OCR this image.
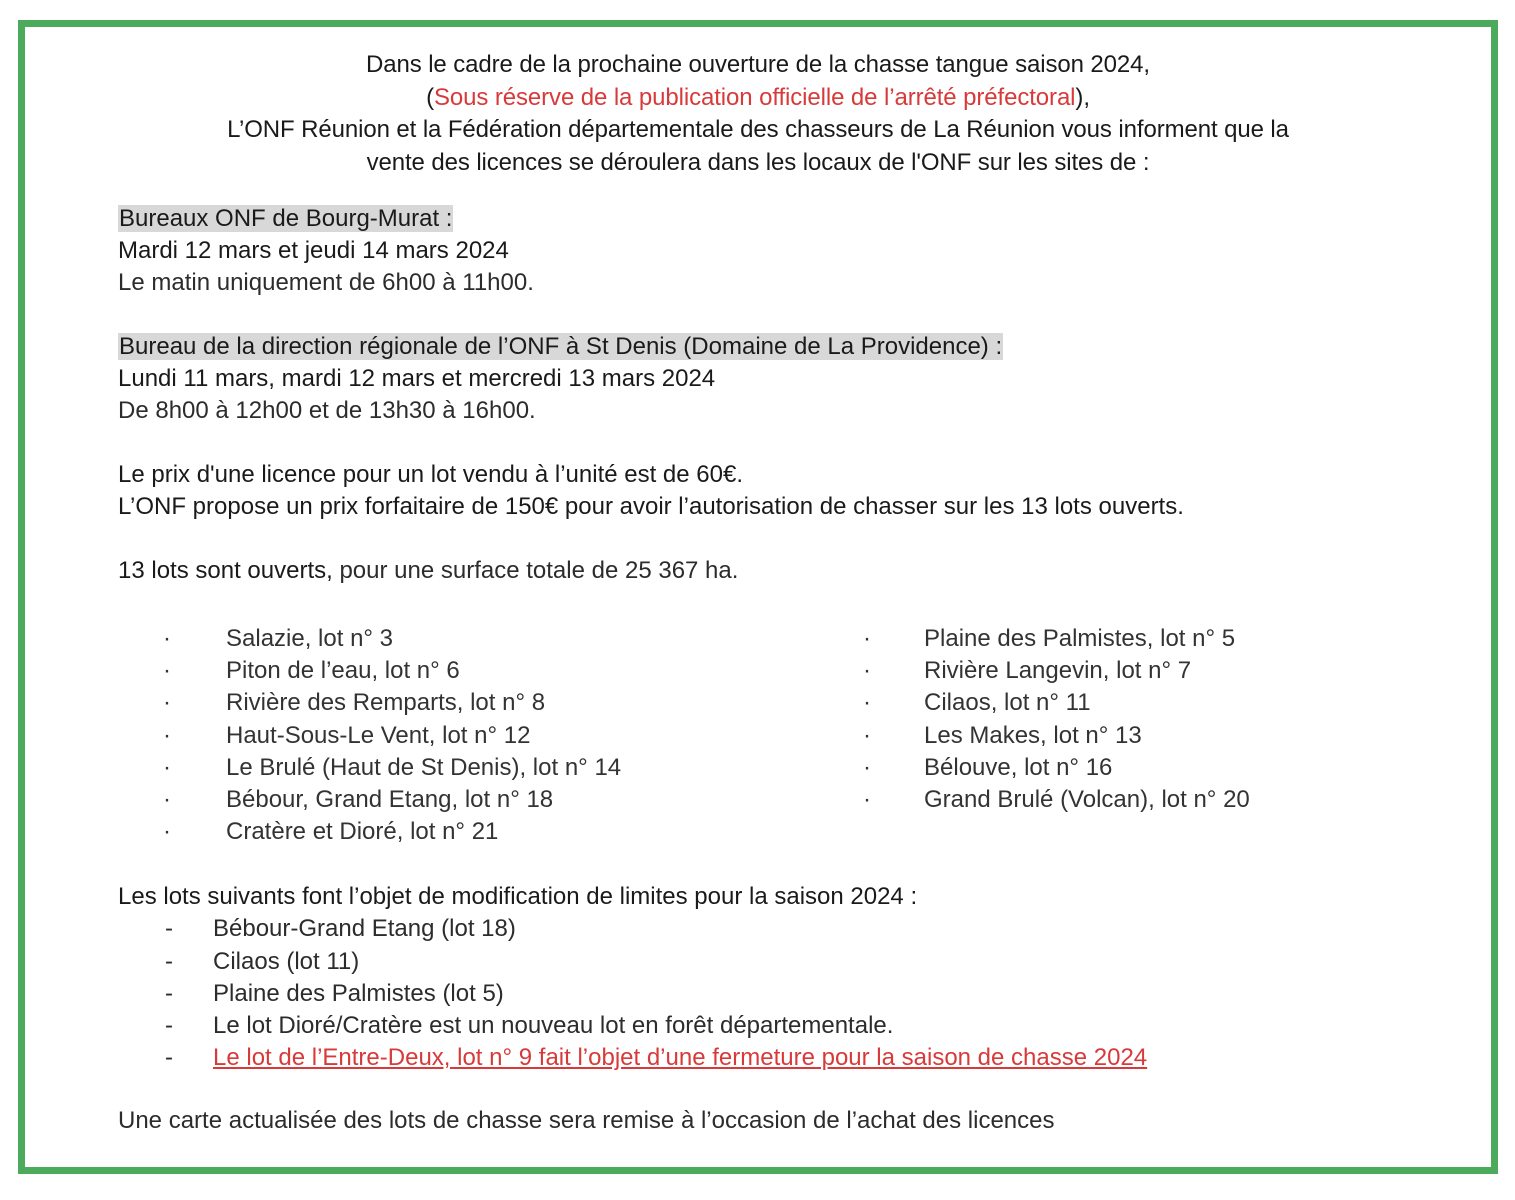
Dans le cadre de la prochaine ouverture de la chasse tangue saison 2024,
(Sous réserve de la publication officielle de l’arrêté préfectoral),
L’ONF Réunion et la Fédération départementale des chasseurs de La Réunion vous informent que la
vente des licences se déroulera dans les locaux de l'ONF sur les sites de :
Bureaux ONF de Bourg-Murat :
Mardi 12 mars et jeudi 14 mars 2024
Le matin uniquement de 6h00 à 11h00.
Bureau de la direction régionale de l’ONF à St Denis (Domaine de La Providence) :
Lundi 11 mars, mardi 12 mars et mercredi 13 mars 2024
De 8h00 à 12h00 et de 13h30 à 16h00.
Le prix d'une licence pour un lot vendu à l’unité est de 60€.
L’ONF propose un prix forfaitaire de 150€ pour avoir l’autorisation de chasser sur les 13 lots ouverts.
13 lots sont ouverts, pour une surface totale de 25 367 ha.
· Salazie, lot n° 3
· Piton de l’eau, lot n° 6
· Rivière des Remparts, lot n° 8
· Haut-Sous-Le Vent, lot n° 12
· Le Brulé (Haut de St Denis), lot n° 14
· Bébour, Grand Etang, lot n° 18
· Cratère et Dioré, lot n° 21
· Plaine des Palmistes, lot n° 5
· Rivière Langevin, lot n° 7
· Cilaos, lot n° 11
· Les Makes, lot n° 13
· Bélouve, lot n° 16
· Grand Brulé (Volcan), lot n° 20
Les lots suivants font l’objet de modification de limites pour la saison 2024 :
- Bébour-Grand Etang (lot 18)
- Cilaos (lot 11)
- Plaine des Palmistes (lot 5)
- Le lot Dioré/Cratère est un nouveau lot en forêt départementale.
- Le lot de l’Entre-Deux, lot n° 9 fait l’objet d’une fermeture pour la saison de chasse 2024
Une carte actualisée des lots de chasse sera remise à l’occasion de l’achat des licences
